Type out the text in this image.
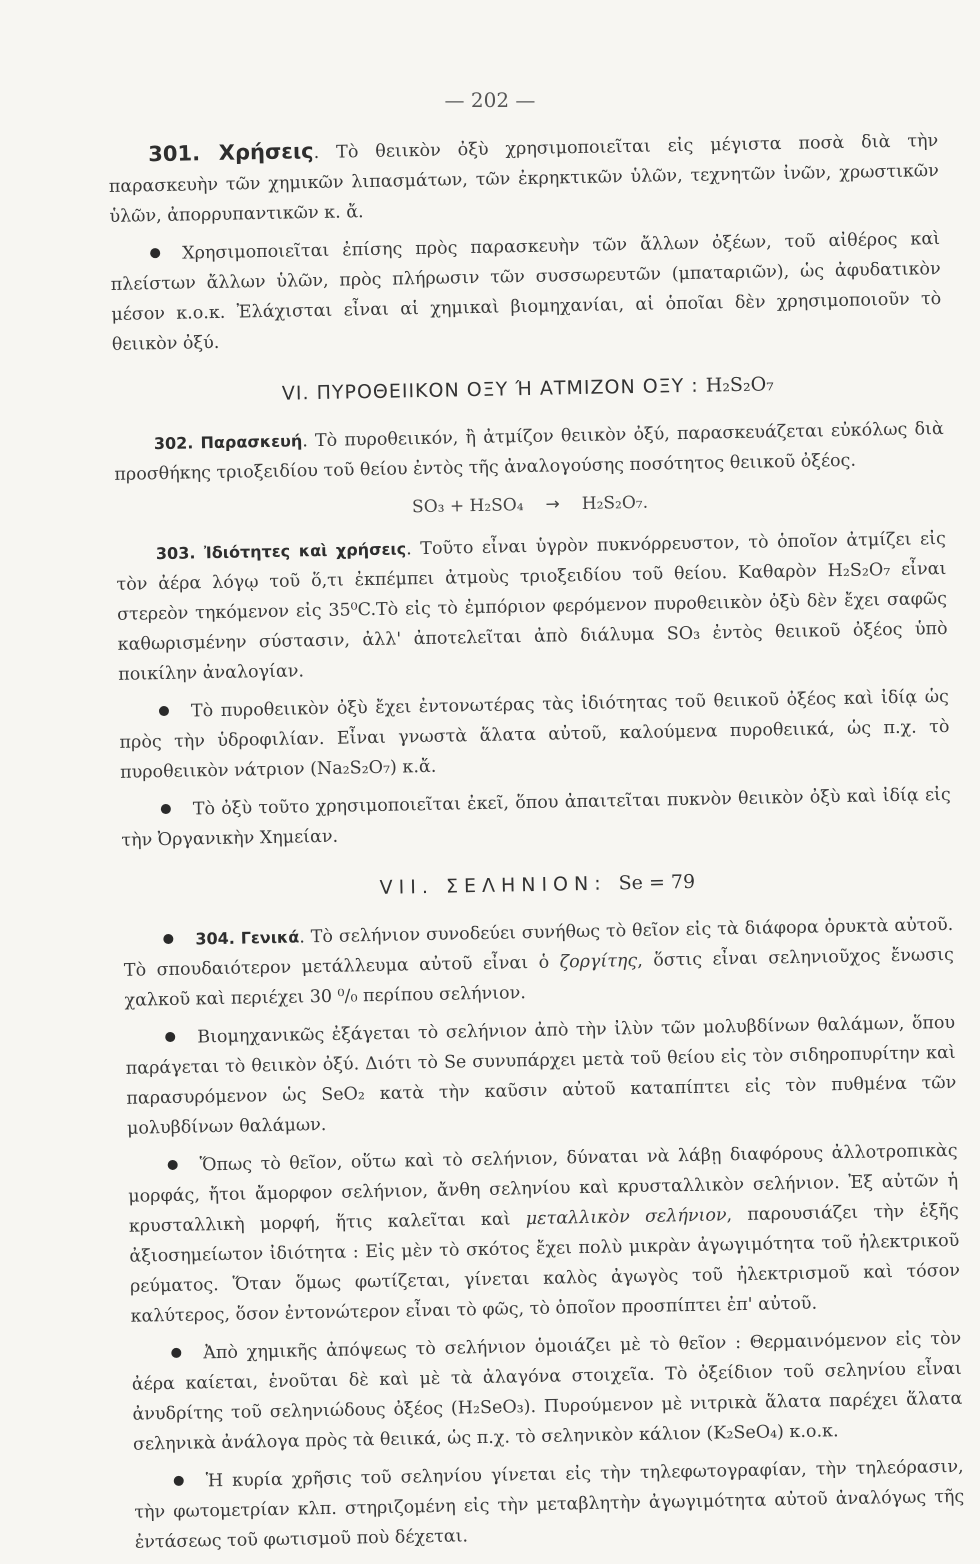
— 202 —

301. Χρήσεις. Τὸ θειικὸν ὀξὺ χρησιμοποιεῖται εἰς μέγιστα ποσὰ διὰ τὴν παρασκευὴν τῶν χημικῶν λιπασμάτων, τῶν ἐκρηκτικῶν ὑλῶν, τεχνητῶν ἰνῶν, χρωστικῶν ὑλῶν, ἀπορρυπαντικῶν κ. ἄ.

Χρησιμοποιεῖται ἐπίσης πρὸς παρασκευὴν τῶν ἄλλων ὀξέων, τοῦ αἰθέρος καὶ πλείστων ἄλλων ὑλῶν, πρὸς πλήρωσιν τῶν συσσωρευτῶν (μπαταριῶν), ὡς ἀφυδατικὸν μέσον κ.ο.κ. Ἐλάχισται εἶναι αἱ χημικαὶ βιομηχανίαι, αἱ ὁποῖαι δὲν χρησιμοποιοῦν τὸ θειικὸν ὀξύ.

VI. ΠΥΡΟΘΕΙΙΚΟΝ ΟΞΥ Ή ΑΤΜΙΖΟΝ ΟΞΥ : H₂S₂O₇

302. Παρασκευή. Τὸ πυροθειικόν, ἢ ἀτμίζον θειικὸν ὀξύ, παρασκευάζεται εὐκόλως διὰ προσθήκης τριοξειδίου τοῦ θείου ἐντὸς τῆς ἀναλογούσης ποσότητος θειικοῦ ὀξέος.

SO₃ + H₂SO₄ → H₂S₂O₇.

303. Ἰδιότητες καὶ χρήσεις. Τοῦτο εἶναι ὑγρὸν πυκνόρρευστον, τὸ ὁποῖον ἀτμίζει εἰς τὸν ἀέρα λόγῳ τοῦ ὅ,τι ἐκπέμπει ἀτμοὺς τριοξειδίου τοῦ θείου. Καθαρὸν H₂S₂O₇ εἶναι στερεὸν τηκόμενον εἰς 35⁰C.Τὸ εἰς τὸ ἐμπόριον φερόμενον πυροθειικὸν ὀξὺ δὲν ἔχει σαφῶς καθωρισμένην σύστασιν, ἀλλ' ἀποτελεῖται ἀπὸ διάλυμα SO₃ ἐντὸς θειικοῦ ὀξέος ὑπὸ ποικίλην ἀναλογίαν.

Τὸ πυροθειικὸν ὀξὺ ἔχει ἐντονωτέρας τὰς ἰδιότητας τοῦ θειικοῦ ὀξέος καὶ ἰδίᾳ ὡς πρὸς τὴν ὑδροφιλίαν. Εἶναι γνωστὰ ἅλατα αὐτοῦ, καλούμενα πυροθειικά, ὡς π.χ. τὸ πυροθειικὸν νάτριον (Na₂S₂O₇) κ.ἄ.

Τὸ ὀξὺ τοῦτο χρησιμοποιεῖται ἐκεῖ, ὅπου ἀπαιτεῖται πυκνὸν θειικὸν ὀξὺ καὶ ἰδίᾳ εἰς τὴν Ὀργανικὴν Χημείαν.

VII. ΣΕΛΗΝΙΟΝ: Se = 79

304. Γενικά. Τὸ σελήνιον συνοδεύει συνήθως τὸ θεῖον εἰς τὰ διάφορα ὀρυκτὰ αὐτοῦ. Τὸ σπουδαιότερον μετάλλευμα αὐτοῦ εἶναι ὁ ζοργίτης, ὅστις εἶναι σεληνιοῦχος ἔνωσις χαλκοῦ καὶ περιέχει 30 ⁰/₀ περίπου σελήνιον.

Βιομηχανικῶς ἐξάγεται τὸ σελήνιον ἀπὸ τὴν ἰλὺν τῶν μολυβδίνων θαλάμων, ὅπου παράγεται τὸ θειικὸν ὀξύ. Διότι τὸ Se συνυπάρχει μετὰ τοῦ θείου εἰς τὸν σιδηροπυρίτην καὶ παρασυρόμενον ὡς SeO₂ κατὰ τὴν καῦσιν αὐτοῦ καταπίπτει εἰς τὸν πυθμένα τῶν μολυβδίνων θαλάμων.

Ὅπως τὸ θεῖον, οὕτω καὶ τὸ σελήνιον, δύναται νὰ λάβῃ διαφόρους ἀλλοτροπικὰς μορφάς, ἤτοι ἄμορφον σελήνιον, ἄνθη σεληνίου καὶ κρυσταλλικὸν σελήνιον. Ἐξ αὐτῶν ἡ κρυσταλλικὴ μορφή, ἥτις καλεῖται καὶ μεταλλικὸν σελήνιον, παρουσιάζει τὴν ἑξῆς ἀξιοσημείωτον ἰδιότητα : Εἰς μὲν τὸ σκότος ἔχει πολὺ μικρὰν ἀγωγιμότητα τοῦ ἠλεκτρικοῦ ρεύματος. Ὅταν ὅμως φωτίζεται, γίνεται καλὸς ἀγωγὸς τοῦ ἠλεκτρισμοῦ καὶ τόσον καλύτερος, ὅσον ἐντονώτερον εἶναι τὸ φῶς, τὸ ὁποῖον προσπίπτει ἐπ' αὐτοῦ.

Ἀπὸ χημικῆς ἀπόψεως τὸ σελήνιον ὁμοιάζει μὲ τὸ θεῖον : Θερμαινόμενον εἰς τὸν ἀέρα καίεται, ἑνοῦται δὲ καὶ μὲ τὰ ἀλαγόνα στοιχεῖα. Τὸ ὀξείδιον τοῦ σεληνίου εἶναι ἀνυδρίτης τοῦ σεληνιώδους ὀξέος (H₂SeO₃). Πυρούμενον μὲ νιτρικὰ ἅλατα παρέχει ἅλατα σεληνικὰ ἀνάλογα πρὸς τὰ θειικά, ὡς π.χ. τὸ σεληνικὸν κάλιον (K₂SeO₄) κ.ο.κ.

Ἡ κυρία χρῆσις τοῦ σεληνίου γίνεται εἰς τὴν τηλεφωτογραφίαν, τὴν τηλεόρασιν, τὴν φωτομετρίαν κλπ. στηριζομένη εἰς τὴν μεταβλητὴν ἀγωγιμότητα αὐτοῦ ἀναλόγως τῆς ἐντάσεως τοῦ φωτισμοῦ ποὺ δέχεται.
